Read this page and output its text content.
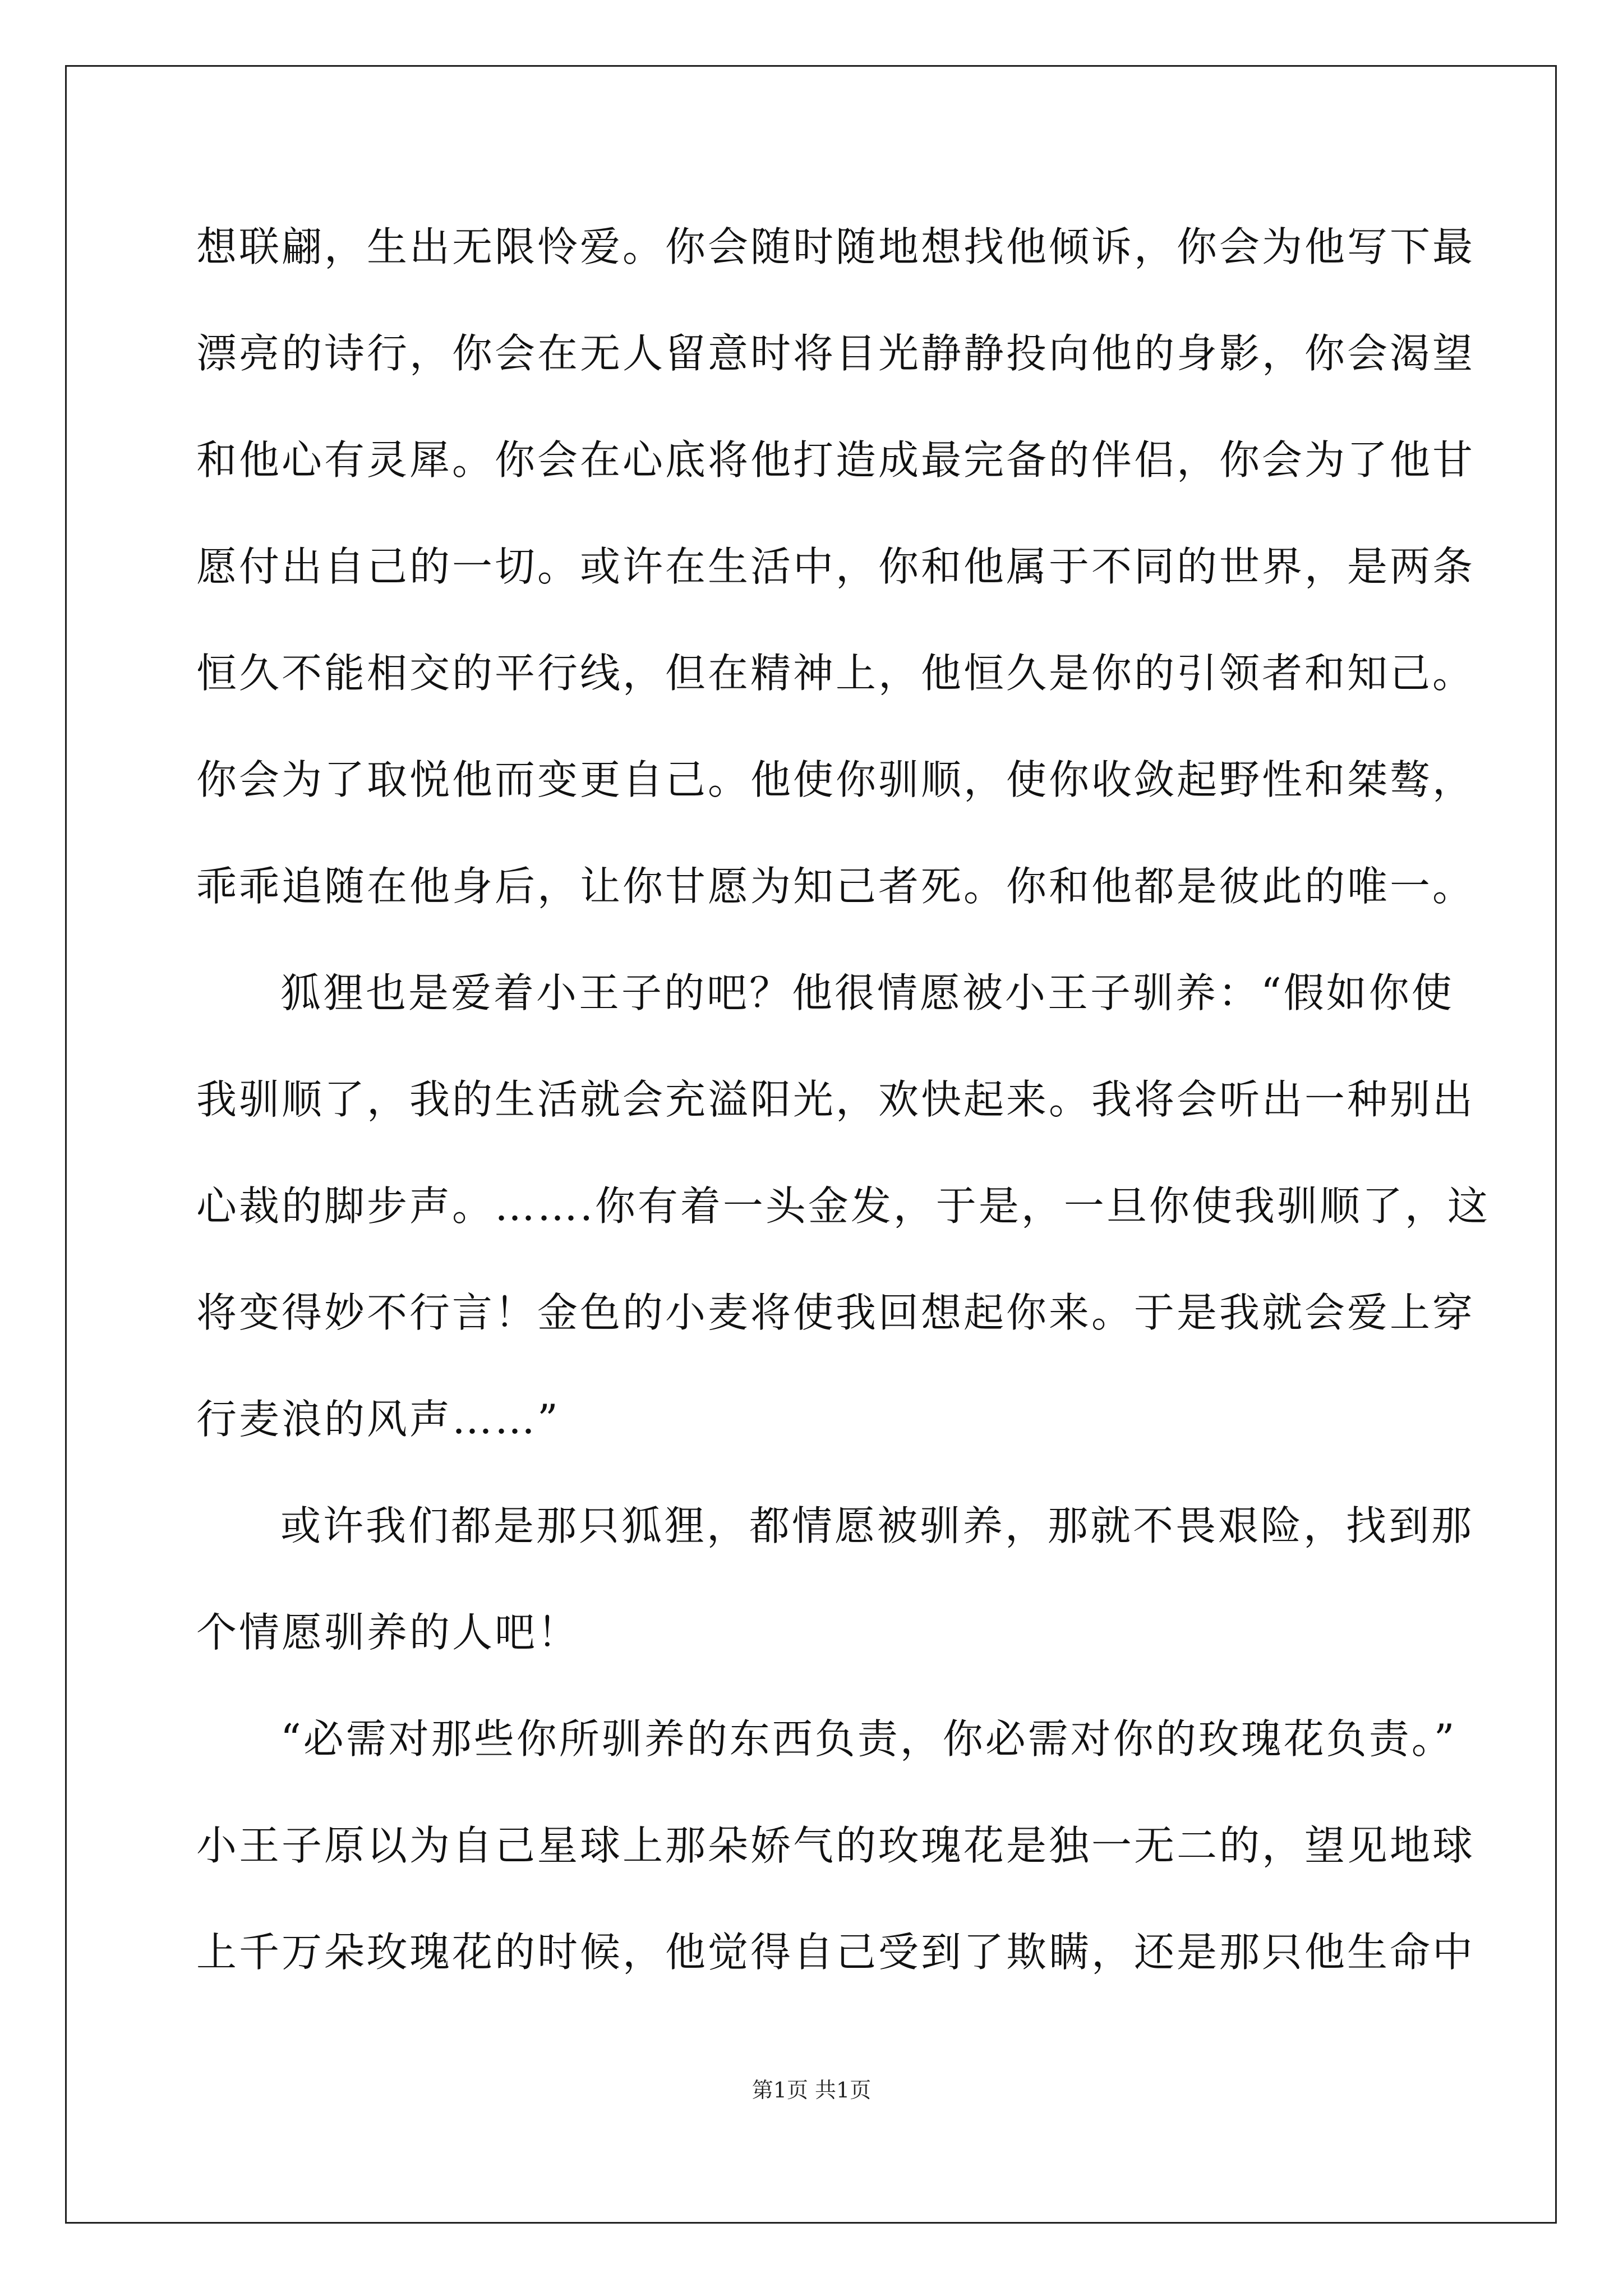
想联翩，生出无限怜爱。你会随时随地想找他倾诉，你会为他写下最
漂亮的诗行，你会在无人留意时将目光静静投向他的身影，你会渴望
和他心有灵犀。你会在心底将他打造成最完备的伴侣，你会为了他甘
愿付出自己的一切。或许在生活中，你和他属于不同的世界，是两条
恒久不能相交的平行线，但在精神上，他恒久是你的引领者和知己。
你会为了取悦他而变更自己。他使你驯顺，使你收敛起野性和桀骜，
乖乖追随在他身后，让你甘愿为知己者死。你和他都是彼此的唯一。
狐狸也是爱着小王子的吧？他很情愿被小王子驯养：“假如你使
我驯顺了，我的生活就会充溢阳光，欢快起来。我将会听出一种别出
心裁的脚步声。…….你有着一头金发，于是，一旦你使我驯顺了，这
将变得妙不行言！金色的小麦将使我回想起你来。于是我就会爱上穿
行麦浪的风声……”
或许我们都是那只狐狸，都情愿被驯养，那就不畏艰险，找到那
个情愿驯养的人吧！
“必需对那些你所驯养的东西负责，你必需对你的玫瑰花负责。”
小王子原以为自己星球上那朵娇气的玫瑰花是独一无二的，望见地球
上千万朵玫瑰花的时候，他觉得自己受到了欺瞒，还是那只他生命中
第1页 共1页
